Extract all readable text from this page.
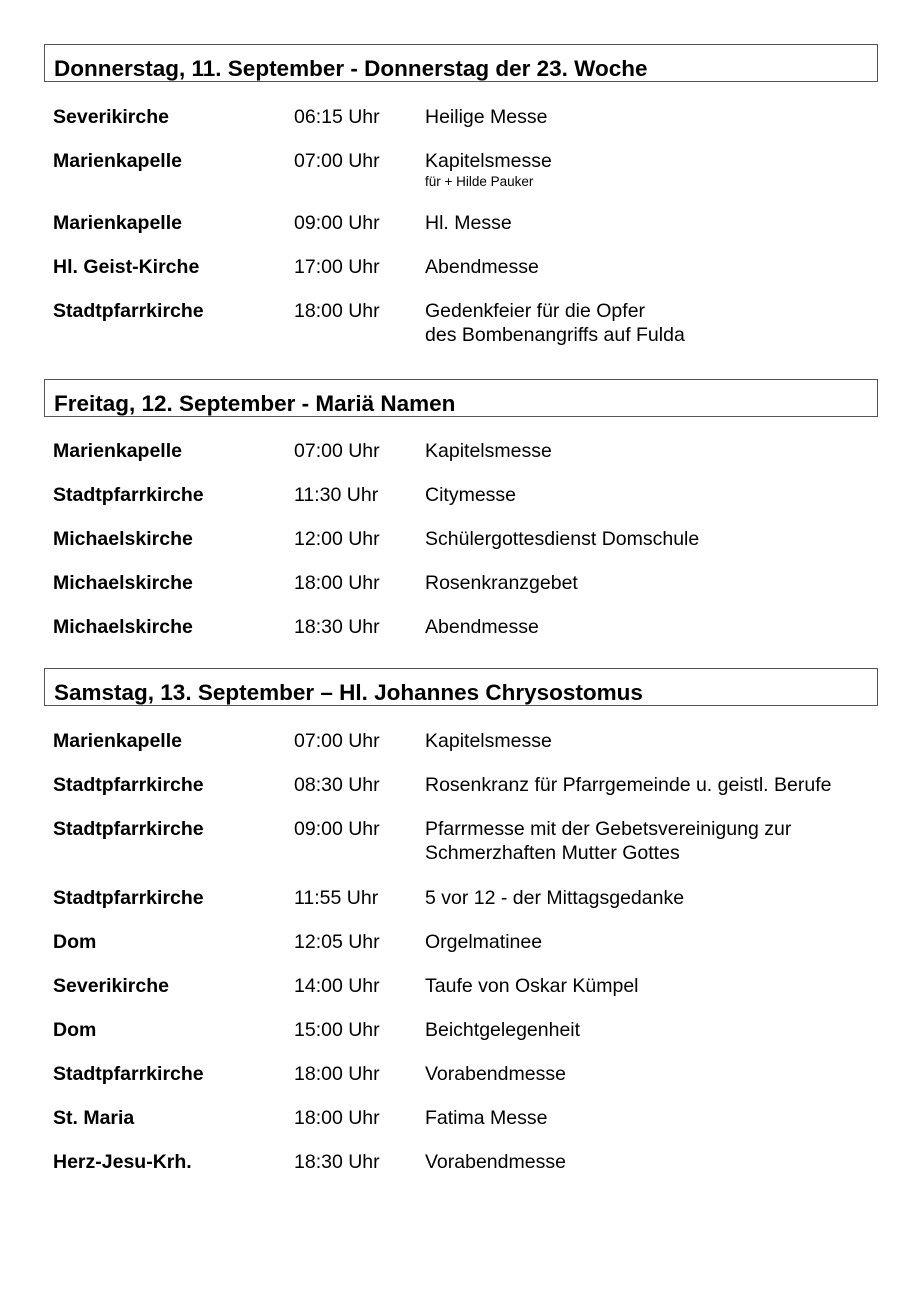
Donnerstag, 11. September - Donnerstag der 23. Woche
Severikirche	06:15 Uhr Heilige Messe
Marienkapelle	07:00 Uhr Kapitelsmesse
für + Hilde Pauker
Marienkapelle	09:00 Uhr Hl. Messe
Hl. Geist-Kirche	17:00 Uhr Abendmesse
Stadtpfarrkirche	18:00 Uhr Gedenkfeier für die Opfer
des Bombenangriffs auf Fulda
Freitag, 12. September - Mariä Namen
Marienkapelle	07:00 Uhr Kapitelsmesse
Stadtpfarrkirche	11:30 Uhr Citymesse
Michaelskirche	12:00 Uhr Schülergottesdienst Domschule
Michaelskirche	18:00 Uhr Rosenkranzgebet
Michaelskirche	18:30 Uhr Abendmesse
Samstag, 13. September – Hl. Johannes Chrysostomus
Marienkapelle	07:00 Uhr Kapitelsmesse
Stadtpfarrkirche	08:30 Uhr Rosenkranz für Pfarrgemeinde u. geistl. Berufe
Stadtpfarrkirche	09:00 Uhr Pfarrmesse mit der Gebetsvereinigung zur
Schmerzhaften Mutter Gottes
Stadtpfarrkirche	11:55 Uhr 5 vor 12 - der Mittagsgedanke
Dom	12:05 Uhr Orgelmatinee
Severikirche	14:00 Uhr Taufe von Oskar Kümpel
Dom	15:00 Uhr Beichtgelegenheit
Stadtpfarrkirche	18:00 Uhr Vorabendmesse
St. Maria	18:00 Uhr Fatima Messe
Herz-Jesu-Krh.	18:30 Uhr Vorabendmesse
